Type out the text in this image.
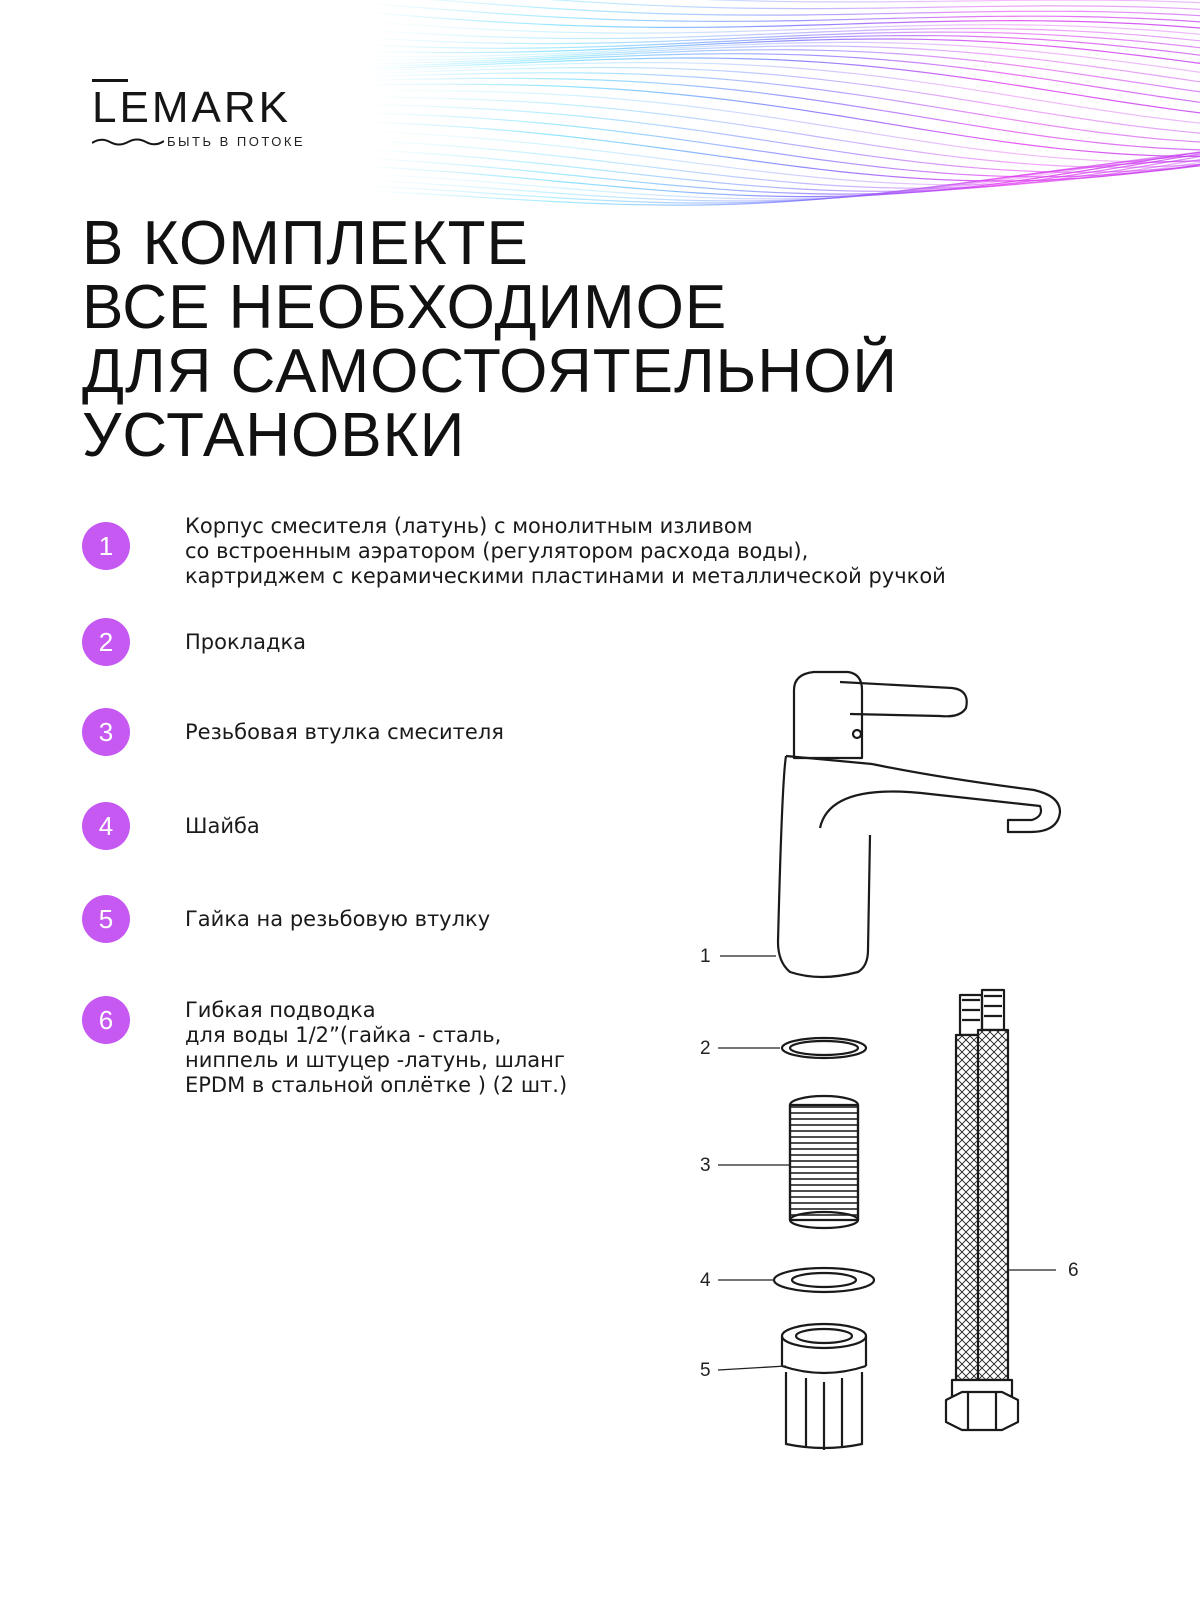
LEMARK
БЫТЬ В ПОТОКЕ
В КОМПЛЕКТЕ
ВСЕ НЕОБХОДИМОЕ
ДЛЯ САМОСТОЯТЕЛЬНОЙ
УСТАНОВКИ
1
Корпус смесителя (латунь) с монолитным изливом
со встроенным аэратором (регулятором расхода воды),
картриджем с керамическими пластинами и металлической ручкой
2	Прокладка
3	Резьбовая втулка смесителя
4	Шайба
5	Гайка на резьбовую втулку
6	Гибкая подводка
для воды 1/2”(гайка - сталь,
ниппель и штуцер -латунь, шланг
EPDM в стальной оплётке ) (2 шт.)
1
2
3
4
5
6
